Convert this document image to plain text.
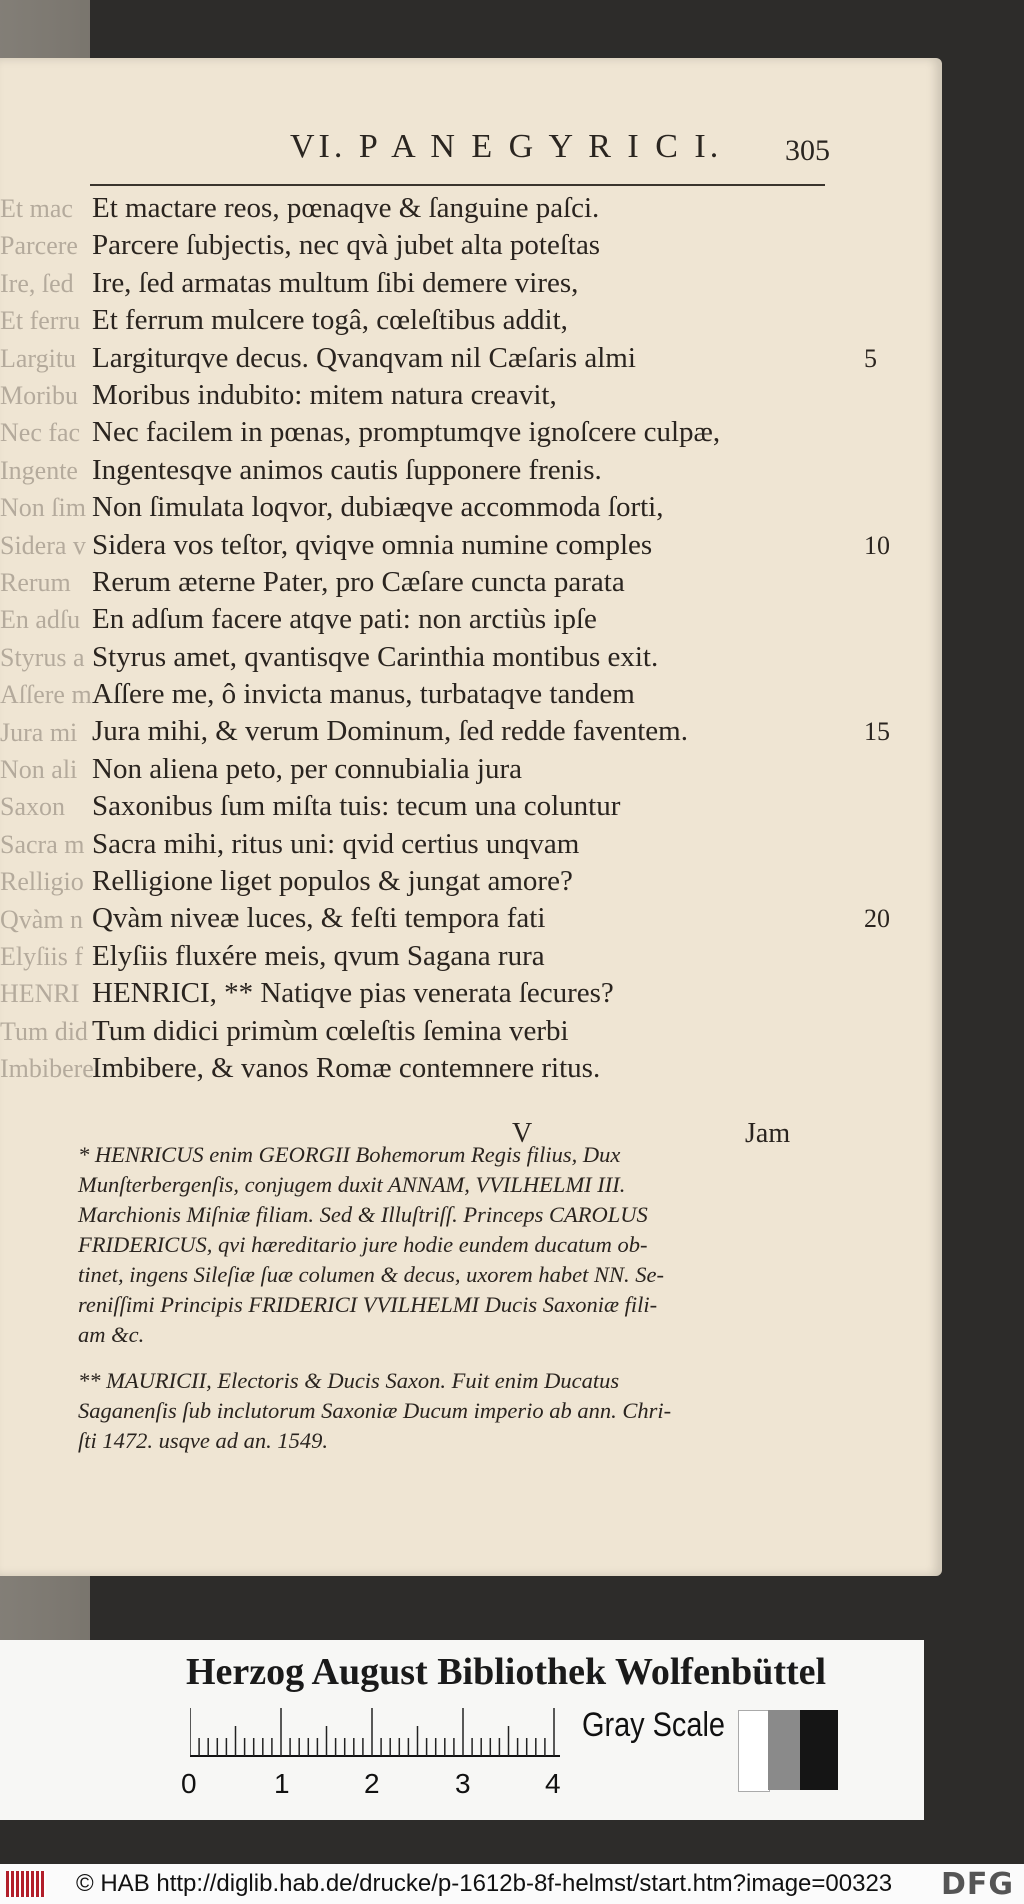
VI. P A N E G Y R I C I. 305
Et mactare reos, pœnaqve & ſanguine paſci.
Parcere ſubjectis, nec qvà jubet alta poteſtas
Ire, ſed armatas multum ſibi demere vires,
Et ferrum mulcere togâ, cœleſtibus addit,
Largiturqve decus. Qvanqvam nil Cæſaris almi	5
Moribus indubito: mitem natura creavit,
Nec facilem in pœnas, promptumqve ignoſcere culpæ,
Ingentesqve animos cautis ſupponere frenis.
Non ſimulata loqvor, dubiæqve accommoda ſorti,
Sidera vos teſtor, qviqve omnia numine comples	10
Rerum æterne Pater, pro Cæſare cuncta parata
En adſum facere atqve pati: non arctiùs ipſe
Styrus amet, qvantisqve Carinthia montibus exit.
Aſſere me, ô invicta manus, turbataqve tandem
Jura mihi, & verum Dominum, ſed redde faventem.	15
Non aliena peto, per connubialia jura
Saxonibus ſum miſta tuis: tecum una coluntur
Sacra mihi, ritus uni: qvid certius unqvam
Relligione liget populos & jungat amore?
Qvàm niveæ luces, & feſti tempora fati	20
Elyſiis fluxére meis, qvum Sagana rura
HENRICI, ** Natiqve pias venerata ſecures?
Tum didici primùm cœleſtis ſemina verbi
Imbibere, & vanos Romæ contemnere ritus.
Et mac
Parcere
Ire, ſed
Et ferru
Largitu
Moribu
Nec fac
Ingente
Non ſim
Sidera v
Rerum
En adſu
Styrus a
Aſſere m
Jura mi
Non ali
Saxon
Sacra m
Relligio
Qvàm n
Elyſiis f
HENRI
Tum did
Imbibere
V	Jam
* HENRICUS enim GEORGII Bohemorum Regis filius, Dux
Munſterbergenſis, conjugem duxit ANNAM, VVILHELMI III.
Marchionis Miſniæ filiam. Sed & Illuſtriſſ. Princeps CAROLUS
FRIDERICUS, qvi hæreditario jure hodie eundem ducatum ob-
tinet, ingens Sileſiæ ſuæ columen & decus, uxorem habet NN. Se-
reniſſimi Principis FRIDERICI VVILHELMI Ducis Saxoniæ fili-
am &c.
** MAURICII, Electoris & Ducis Saxon. Fuit enim Ducatus
Saganenſis ſub inclutorum Saxoniæ Ducum imperio ab ann. Chri-
ſti 1472. usqve ad an. 1549.
Herzog August Bibliothek Wolfenbüttel
0	1	2	3	4
Gray Scale
© HAB http://diglib.hab.de/drucke/p-1612b-8f-helmst/start.htm?image=00323 DFG
